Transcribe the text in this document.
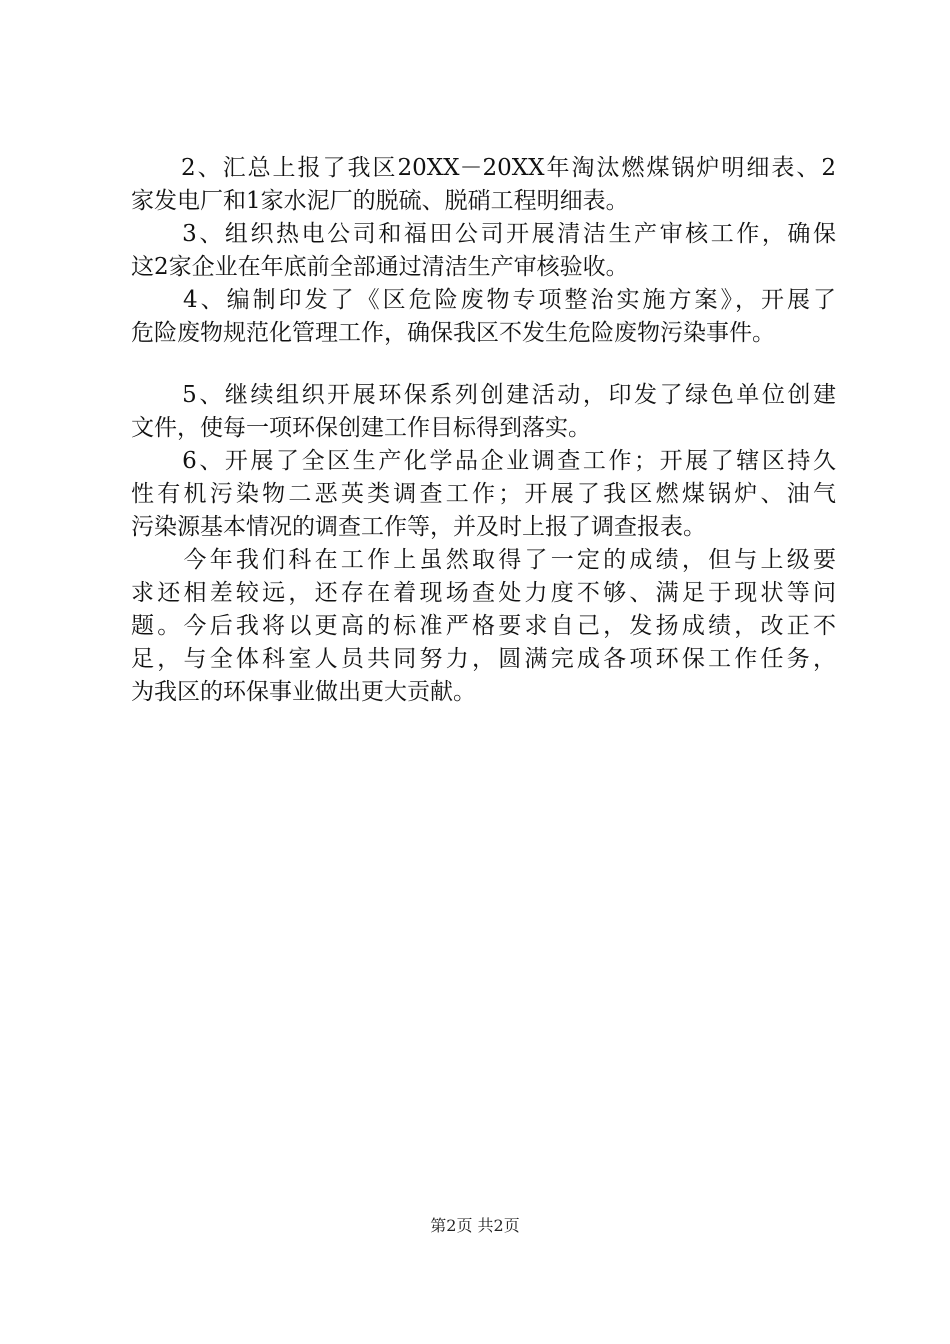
　　2、汇总上报了我区20XX－20XX年淘汰燃煤锅炉明细表、2
家发电厂和1家水泥厂的脱硫、脱硝工程明细表。
　　3、组织热电公司和福田公司开展清洁生产审核工作，确保
这2家企业在年底前全部通过清洁生产审核验收。
　　4、编制印发了《区危险废物专项整治实施方案》，开展了
危险废物规范化管理工作，确保我区不发生危险废物污染事件。
　　5、继续组织开展环保系列创建活动，印发了绿色单位创建
文件，使每一项环保创建工作目标得到落实。
　　6、开展了全区生产化学品企业调查工作；开展了辖区持久
性有机污染物二恶英类调查工作；开展了我区燃煤锅炉、油气
污染源基本情况的调查工作等，并及时上报了调查报表。
　　今年我们科在工作上虽然取得了一定的成绩，但与上级要
求还相差较远，还存在着现场查处力度不够、满足于现状等问
题。今后我将以更高的标准严格要求自己，发扬成绩，改正不
足，与全体科室人员共同努力，圆满完成各项环保工作任务，
为我区的环保事业做出更大贡献。
第2页 共2页
